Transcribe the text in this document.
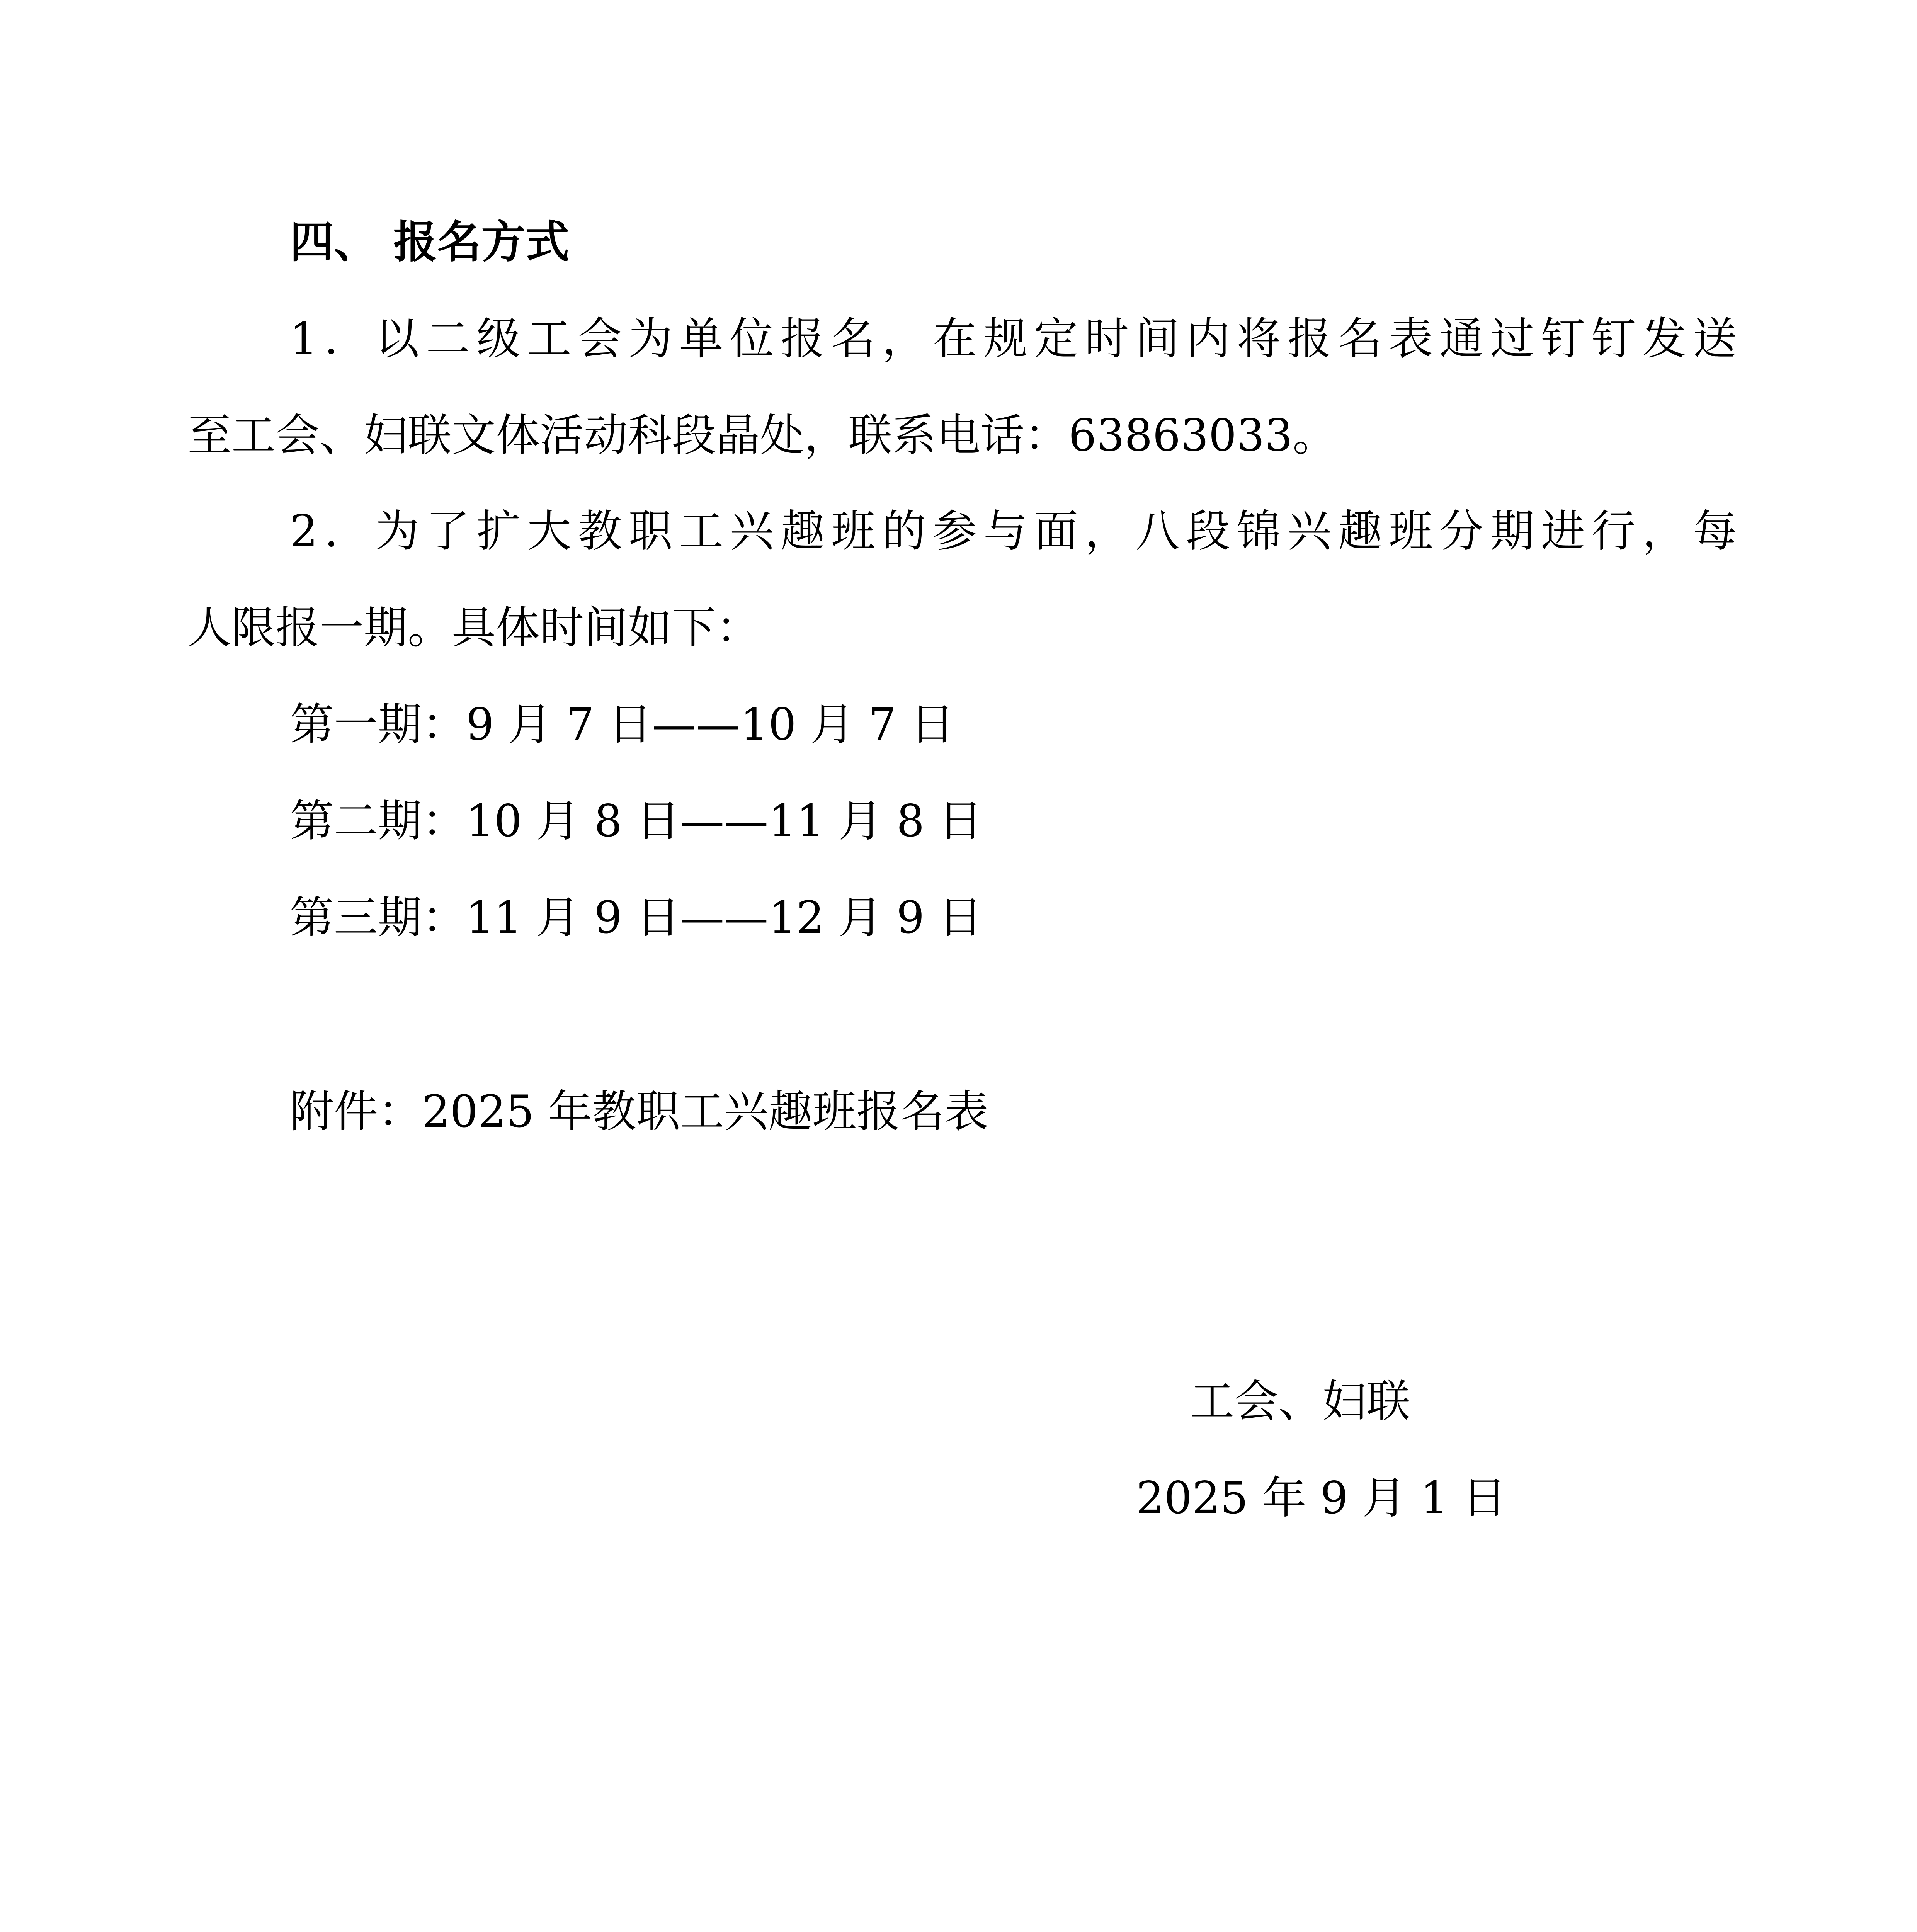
四、 报名方式
1．以二级工会为单位报名，在规定时间内将报名表通过钉钉发送
至工会、妇联文体活动科段晶处，联系电话：63863033。
2．为了扩大教职工兴趣班的参与面，八段锦兴趣班分期进行，每
人限报一期。具体时间如下：
第一期：9 月 7 日——10 月 7 日
第二期：10 月 8 日——11 月 8 日
第三期：11 月 9 日——12 月 9 日
附件：2025 年教职工兴趣班报名表
工会、妇联
2025 年 9 月 1 日
